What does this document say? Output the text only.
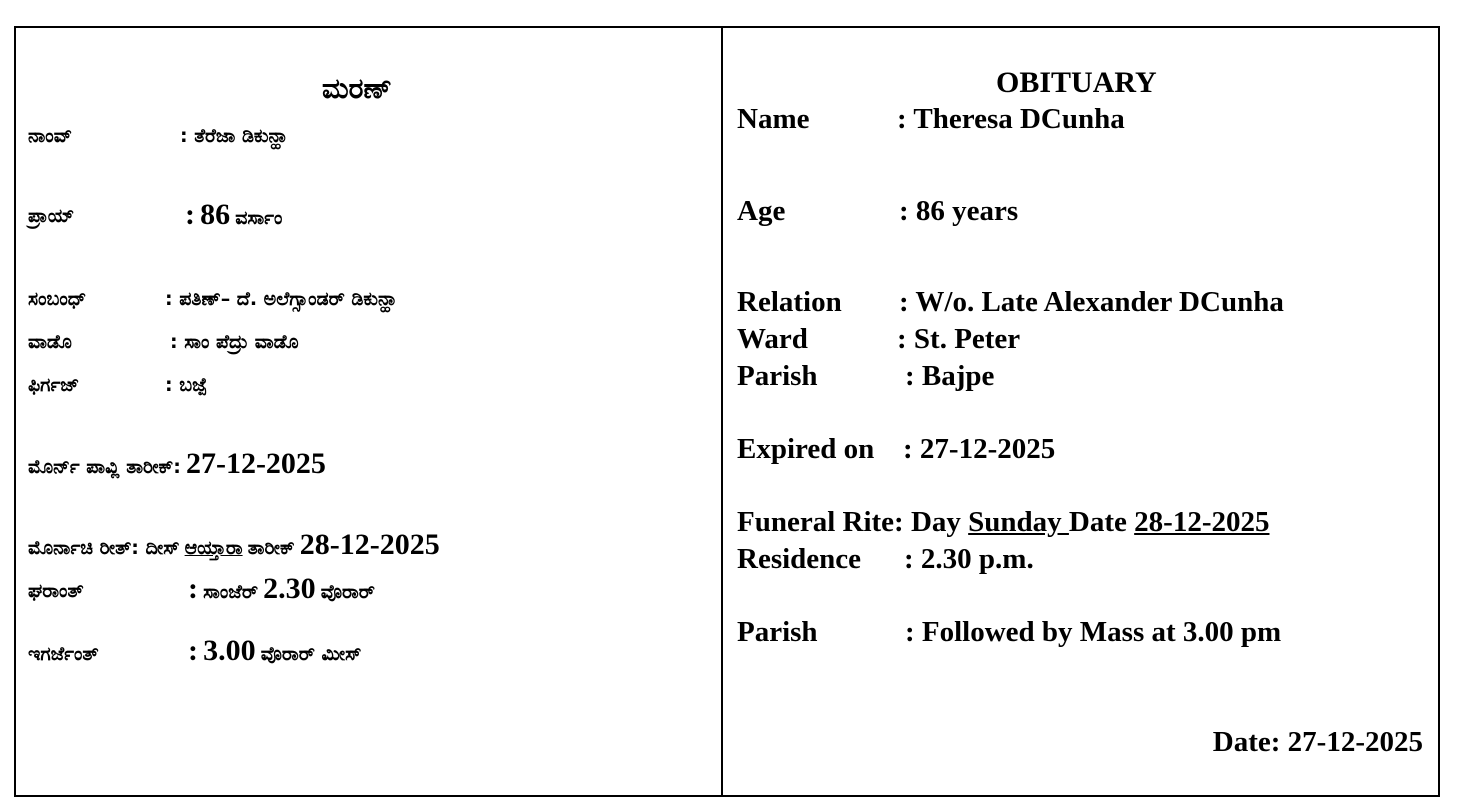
ಮರಣ್
ನಾಂವ್	: ತೆರೆಜಾ ಡಿಕುನ್ಹಾ
ಪ್ರಾಯ್	: 86 ವರ್ಸಾಂ
ಸಂಬಂಧ್	: ಪತಿಣ್‌– ದೆ. ಅಲೆಗ್ಸಾಂಡರ್ ಡಿಕುನ್ಹಾ
ವಾಡೊ	: ಸಾಂ ಪೆದ್ರು ವಾಡೊ
ಫಿರ್ಗಜ್	: ಬಜ್ಪೆ
ಮೊರ್ನ್ ಪಾವ್ಲಿ ತಾರೀಕ್: 27-12-2025
ಮೊರ್ನಾಚಿ ರೀತ್: ದೀಸ್ ಆಯ್ತಾರಾ ತಾರೀಕ್ 28-12-2025
ಘರಾಂತ್	: ಸಾಂಜೆರ್ 2.30 ವೊರಾರ್
ಇಗರ್ಜೆಂತ್	: 3.00 ವೊರಾರ್ ಮೀಸ್
OBITUARY
Name	: Theresa DCunha
Age	: 86 years
Relation : W/o. Late Alexander DCunha
Ward	: St. Peter
Parish	: Bajpe
Expired on : 27-12-2025
Funeral Rite: Day Sunday Date 28-12-2025
Residence : 2.30 p.m.
Parish	: Followed by Mass at 3.00 pm
Date: 27-12-2025
